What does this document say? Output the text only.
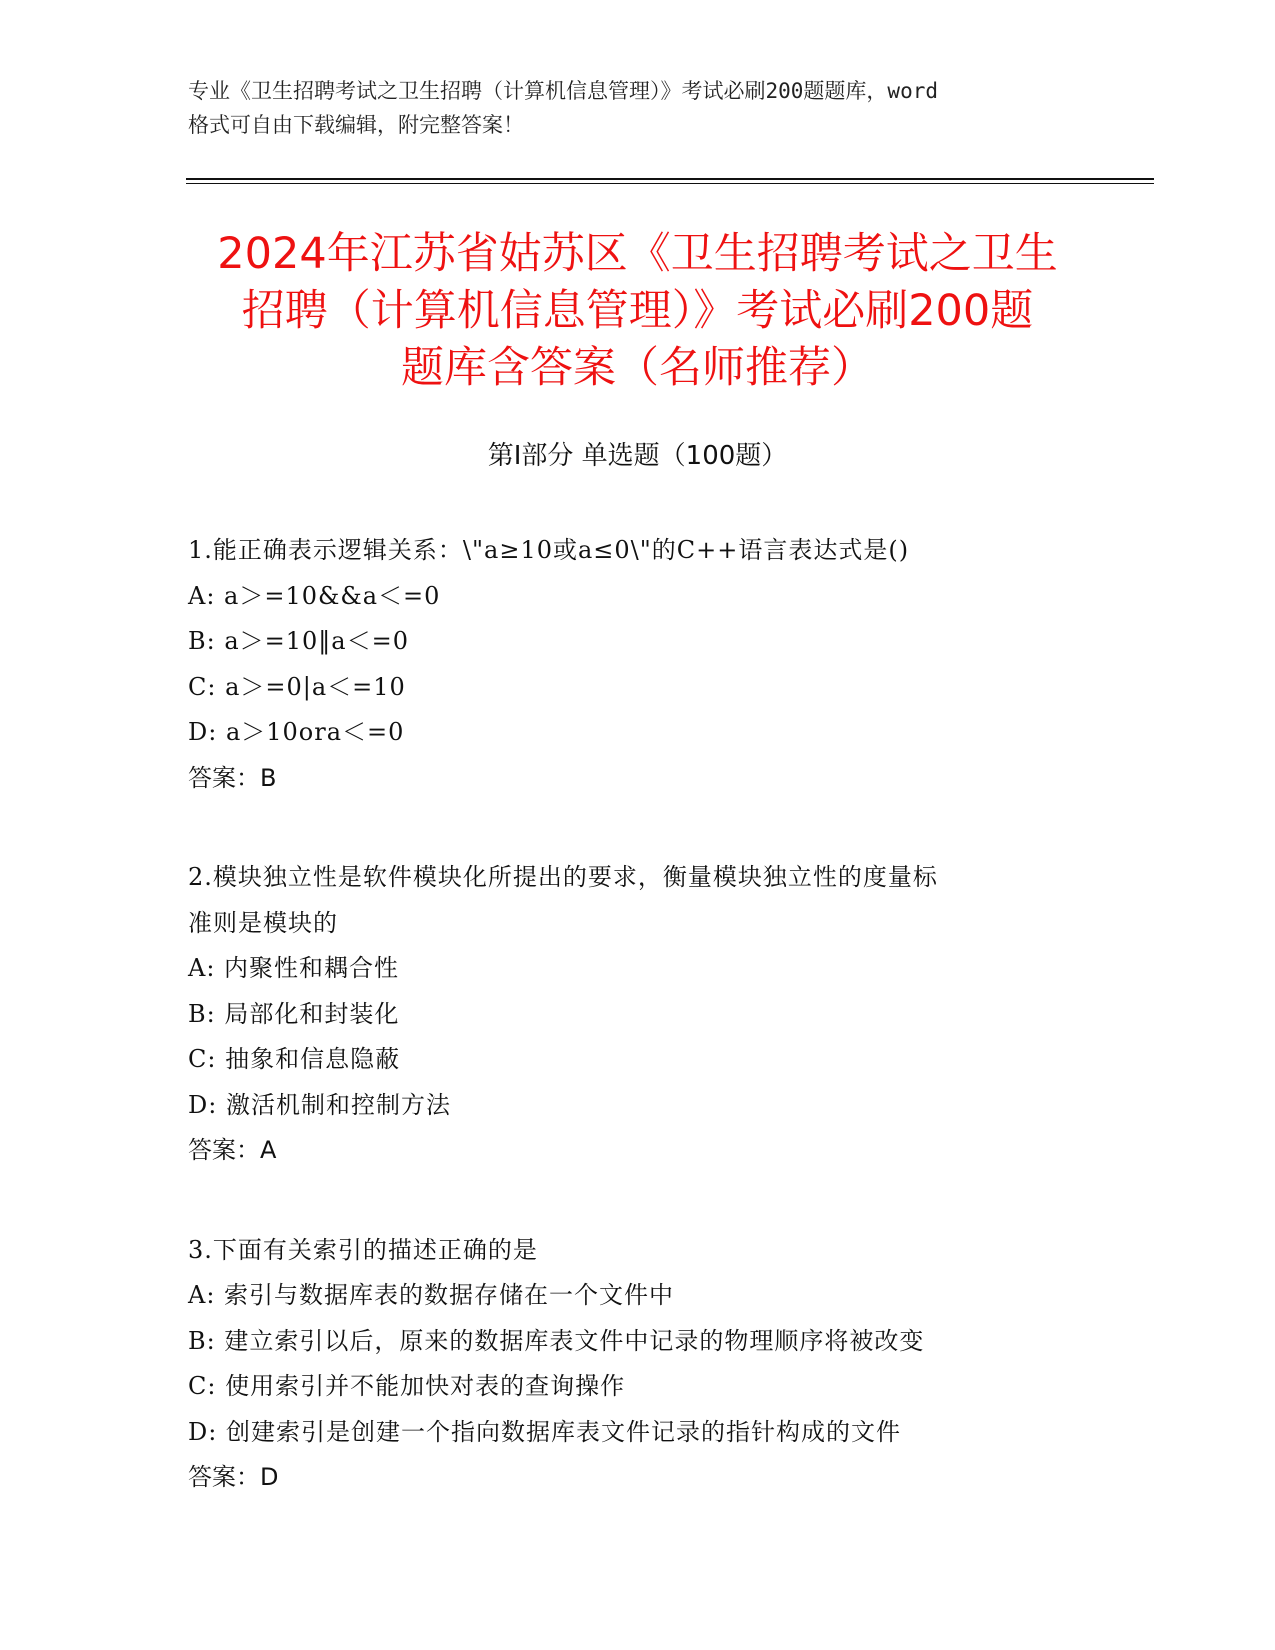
专业《卫生招聘考试之卫生招聘（计算机信息管理）》考试必刷200题题库，word
格式可自由下载编辑，附完整答案！
2024年江苏省姑苏区《卫生招聘考试之卫生
招聘（计算机信息管理）》考试必刷200题
题库含答案（名师推荐）
第Ⅰ部分 单选题（100题）
1.能正确表示逻辑关系：\"a≥10或a≤0\"的C++语言表达式是()
A: a＞=10&&a＜=0
B: a＞=10‖a＜=0
C: a＞=0|a＜=10
D: a＞10ora＜=0
答案：B
2.模块独立性是软件模块化所提出的要求，衡量模块独立性的度量标
准则是模块的
A: 内聚性和耦合性
B: 局部化和封装化
C: 抽象和信息隐蔽
D: 激活机制和控制方法
答案：A
3.下面有关索引的描述正确的是
A: 索引与数据库表的数据存储在一个文件中
B: 建立索引以后，原来的数据库表文件中记录的物理顺序将被改变
C: 使用索引并不能加快对表的查询操作
D: 创建索引是创建一个指向数据库表文件记录的指针构成的文件
答案：D
